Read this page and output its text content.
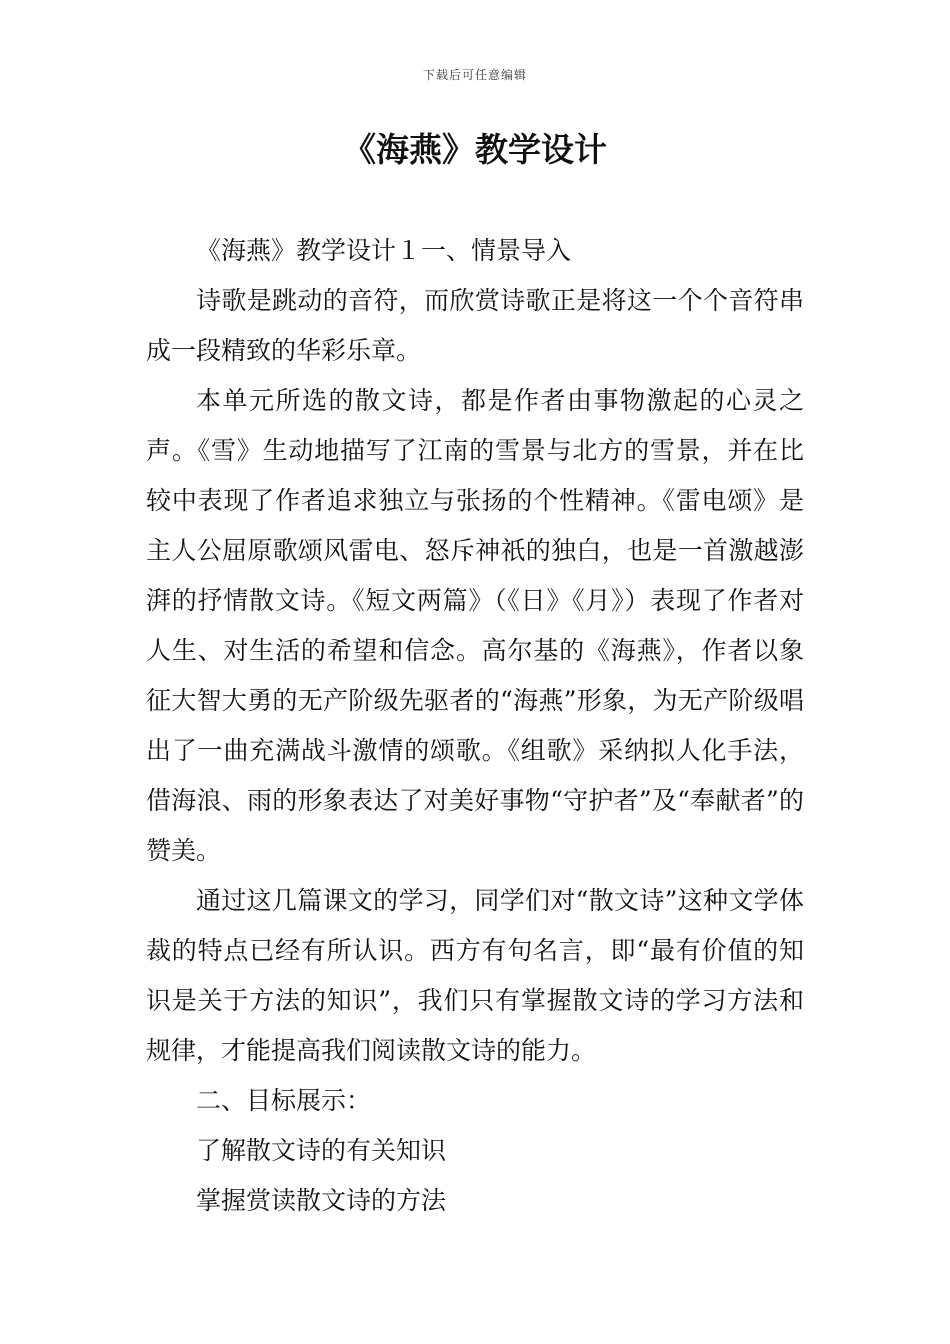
下载后可任意编辑
《海燕》教学设计

《海燕》教学设计１一、情景导入

诗歌是跳动的音符，而欣赏诗歌正是将这一个个音符串成一段精致的华彩乐章。

本单元所选的散文诗，都是作者由事物激起的心灵之声。《雪》生动地描写了江南的雪景与北方的雪景，并在比较中表现了作者追求独立与张扬的个性精神。《雷电颂》是主人公屈原歌颂风雷电、怒斥神祇的独白，也是一首激越澎湃的抒情散文诗。《短文两篇》（《日》《月》）表现了作者对人生、对生活的希望和信念。高尔基的《海燕》，作者以象征大智大勇的无产阶级先驱者的“海燕”形象，为无产阶级唱出了一曲充满战斗激情的颂歌。《组歌》采纳拟人化手法，借海浪、雨的形象表达了对美好事物“守护者”及“奉献者”的赞美。

通过这几篇课文的学习，同学们对“散文诗”这种文学体裁的特点已经有所认识。西方有句名言，即“最有价值的知识是关于方法的知识”，我们只有掌握散文诗的学习方法和规律，才能提高我们阅读散文诗的能力。

二、目标展示：

了解散文诗的有关知识

掌握赏读散文诗的方法
